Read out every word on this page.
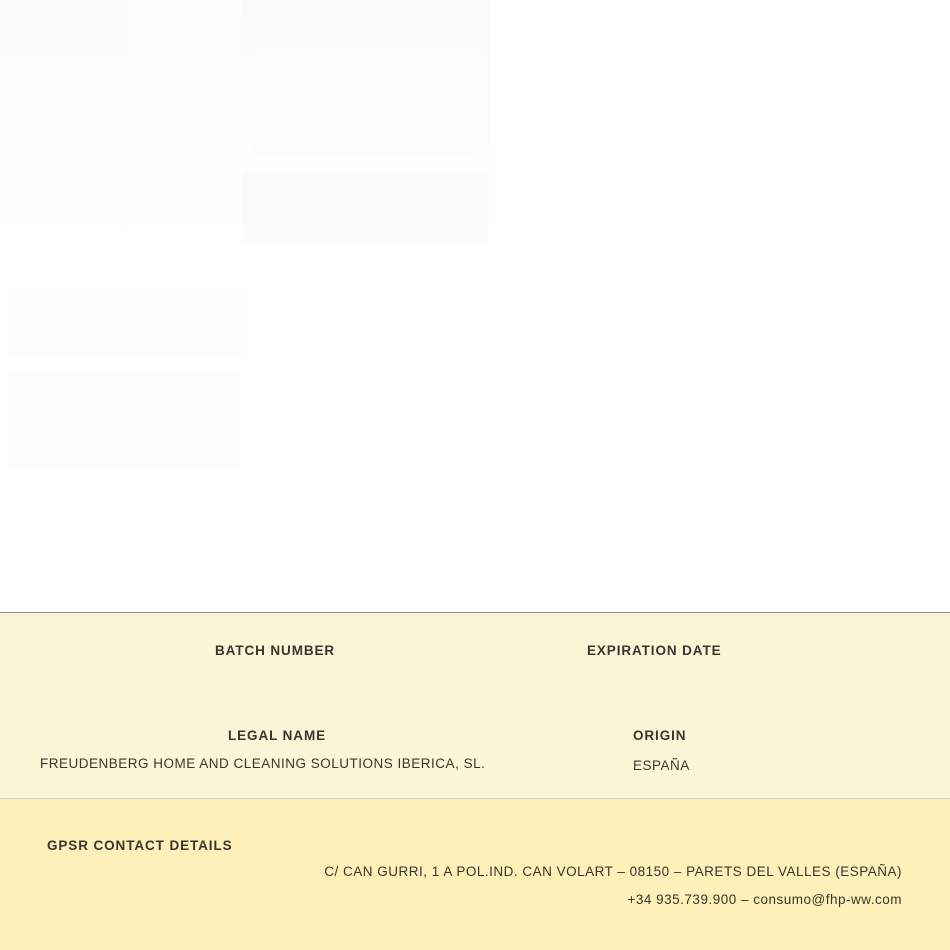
BATCH NUMBER	EXPIRATION DATE
LEGAL NAME
FREUDENBERG HOME AND CLEANING SOLUTIONS IBERICA, SL.
ORIGIN
ESPAÑA
GPSR CONTACT DETAILS
C/ CAN GURRI, 1 A POL.IND. CAN VOLART – 08150 – PARETS DEL VALLES (ESPAÑA)
+34 935.739.900 – consumo@fhp-ww.com
